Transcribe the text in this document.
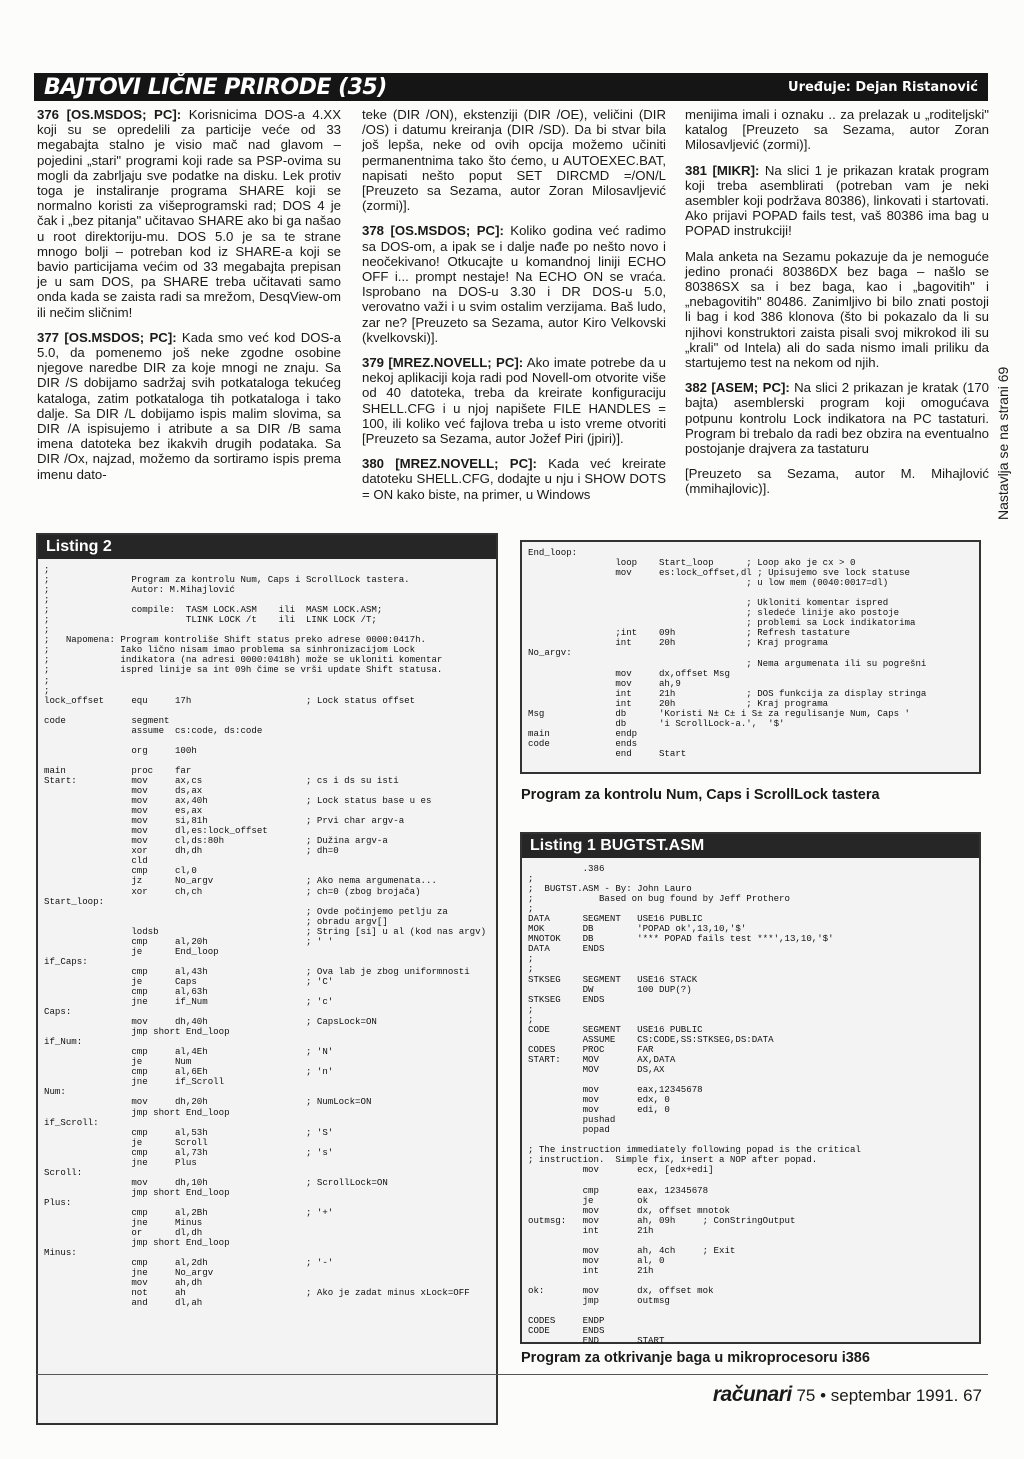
BAJTOVI LIČNE PRIRODE (35)	Uređuje: Dejan Ristanović

376 [OS.MSDOS; PC]: Korisnicima DOS-a 4.XX koji su se opredelili za particije veće od 33 megabajta stalno je visio mač nad glavom – pojedini „stari" programi koji rade sa PSP-ovima su mogli da zabrljaju sve podatke na disku. Lek protiv toga je instaliranje programa SHARE koji se normalno koristi za višeprogramski rad; DOS 4 je čak i „bez pitanja" učitavao SHARE ako bi ga našao u root direktoriju-mu. DOS 5.0 je sa te strane mnogo bolji – potreban kod iz SHARE-a koji se bavio particijama većim od 33 megabajta prepisan je u sam DOS, pa SHARE treba učitavati samo onda kada se zaista radi sa mrežom, DesqView-om ili nečim sličnim!

377 [OS.MSDOS; PC]: Kada smo već kod DOS-a 5.0, da pomenemo još neke zgodne osobine njegove naredbe DIR za koje mnogi ne znaju. Sa DIR /S dobijamo sadržaj svih potkataloga tekućeg kataloga, zatim potkataloga tih potkataloga i tako dalje. Sa DIR /L dobijamo ispis malim slovima, sa DIR /A ispisujemo i atribute a sa DIR /B sama imena datoteka bez ikakvih drugih podataka. Sa DIR /Ox, najzad, možemo da sortiramo ispis prema imenu dato-

teke (DIR /ON), ekstenziji (DIR /OE), veličini (DIR /OS) i datumu kreiranja (DIR /SD). Da bi stvar bila još lepša, neke od ovih opcija možemo učiniti permanentnima tako što ćemo, u AUTOEXEC.BAT, napisati nešto poput SET DIRCMD =/ON/L [Preuzeto sa Sezama, autor Zoran Milosavljević (zormi)].

378 [OS.MSDOS; PC]: Koliko godina već radimo sa DOS-om, a ipak se i dalje nađe po nešto novo i neočekivano! Otkucajte u komandnoj liniji ECHO OFF i... prompt nestaje! Na ECHO ON se vraća. Isprobano na DOS-u 3.30 i DR DOS-u 5.0, verovatno važi i u svim ostalim verzijama. Baš ludo, zar ne? [Preuzeto sa Sezama, autor Kiro Velkovski (kvelkovski)].

379 [MREZ.NOVELL; PC]: Ako imate potrebe da u nekoj aplikaciji koja radi pod Novell-om otvorite više od 40 datoteka, treba da kreirate konfiguraciju SHELL.CFG i u njoj napišete FILE HANDLES = 100, ili koliko već fajlova treba u isto vreme otvoriti [Preuzeto sa Sezama, autor Jožef Piri (jpiri)].

380 [MREZ.NOVELL; PC]: Kada već kreirate datoteku SHELL.CFG, dodajte u nju i SHOW DOTS = ON kako biste, na primer, u Windows

menijima imali i oznaku .. za prelazak u „roditeljski" katalog [Preuzeto sa Sezama, autor Zoran Milosavljević (zormi)].

381 [MIKR]: Na slici 1 je prikazan kratak program koji treba asemblirati (potreban vam je neki asembler koji podržava 80386), linkovati i startovati. Ako prijavi POPAD fails test, vaš 80386 ima bag u POPAD instrukciji!

Mala anketa na Sezamu pokazuje da je nemoguće jedino pronaći 80386DX bez baga – našlo se 80386SX sa i bez baga, kao i „bagovitih" i „nebagovitih" 80486. Zanimljivo bi bilo znati postoji li bag i kod 386 klonova (što bi pokazalo da li su njihovi konstruktori zaista pisali svoj mikrokod ili su „krali" od Intela) ali do sada nismo imali priliku da startujemo test na nekom od njih.

382 [ASEM; PC]: Na slici 2 prikazan je kratak (170 bajta) asemblerski program koji omogućava potpunu kontrolu Lock indikatora na PC tastaturi. Program bi trebalo da radi bez obzira na eventualno postojanje drajvera za tastaturu

[Preuzeto sa Sezama, autor M. Mihajlović (mmihajlovic)].	Nastavlja se na strani 69
Listing 2
;
;               Program za kontrolu Num, Caps i ScrollLock tastera.
;               Autor: M.Mihajlović
;
;               compile:  TASM LOCK.ASM    ili  MASM LOCK.ASM;
;                         TLINK LOCK /t    ili  LINK LOCK /T;
;
;   Napomena: Program kontroliše Shift status preko adrese 0000:0417h.
;             Iako lično nisam imao problema sa sinhronizacijom Lock
;             indikatora (na adresi 0000:0418h) može se ukloniti komentar
;             ispred linije sa int 09h čime se vrši update Shift statusa.
;
;
lock_offset     equ     17h                     ; Lock status offset

code            segment
assume  cs:code, ds:code

org     100h

main            proc    far
Start:          mov     ax,cs                   ; cs i ds su isti
mov     ds,ax
mov     ax,40h                  ; Lock status base u es
mov     es,ax
mov     si,81h                  ; Prvi char argv-a
mov     dl,es:lock_offset
mov     cl,ds:80h               ; Dužina argv-a
xor     dh,dh                   ; dh=0
cld
cmp     cl,0
jz      No_argv                 ; Ako nema argumenata...
xor     ch,ch                   ; ch=0 (zbog brojača)
Start_loop:
; Ovde počinjemo petlju za
; obradu argv[]
lodsb                           ; String [si] u al (kod nas argv)
cmp     al,20h                  ; ' '
je      End_loop
if_Caps:
cmp     al,43h                  ; Ova lab je zbog uniformnosti
je      Caps                    ; 'C'
cmp     al,63h
jne     if_Num                  ; 'c'
Caps:
mov     dh,40h                  ; CapsLock=ON
jmp short End_loop
if_Num:
cmp     al,4Eh                  ; 'N'
je      Num
cmp     al,6Eh                  ; 'n'
jne     if_Scroll
Num:
mov     dh,20h                  ; NumLock=ON
jmp short End_loop
if_Scroll:
cmp     al,53h                  ; 'S'
je      Scroll
cmp     al,73h                  ; 's'
jne     Plus
Scroll:
mov     dh,10h                  ; ScrollLock=ON
jmp short End_loop
Plus:
cmp     al,2Bh                  ; '+'
jne     Minus
or      dl,dh
jmp short End_loop
Minus:
cmp     al,2dh                  ; '-'
jne     No_argv
mov     ah,dh
not     ah                      ; Ako je zadat minus xLock=OFF
and     dl,ah
End_loop:
loop    Start_loop      ; Loop ako je cx > 0
mov     es:lock_offset,dl ; Upisujemo sve lock statuse
; u low mem (0040:0017=dl)

; Ukloniti komentar ispred
; sledeće linije ako postoje
; problemi sa Lock indikatorima
;int    09h             ; Refresh tastature
int     20h             ; Kraj programa
No_argv:
; Nema argumenata ili su pogrešni
mov     dx,offset Msg
mov     ah,9
int     21h             ; DOS funkcija za display stringa
int     20h             ; Kraj programa
Msg             db      'Koristi N± C± i S± za regulisanje Num, Caps '
db      'i ScrollLock-a.',  '$'
main            endp
code            ends
end     Start
Program za kontrolu Num, Caps i ScrollLock tastera
Listing 1 BUGTST.ASM
.386
;
;  BUGTST.ASM - By: John Lauro
;            Based on bug found by Jeff Prothero
;
DATA      SEGMENT   USE16 PUBLIC
MOK       DB        'POPAD ok',13,10,'$'
MNOTOK    DB        '*** POPAD fails test ***',13,10,'$'
DATA      ENDS
;
;
STKSEG    SEGMENT   USE16 STACK
DW        100 DUP(?)
STKSEG    ENDS
;
;
CODE      SEGMENT   USE16 PUBLIC
ASSUME    CS:CODE,SS:STKSEG,DS:DATA
CODES     PROC      FAR
START:    MOV       AX,DATA
MOV       DS,AX

mov       eax,12345678
mov       edx, 0
mov       edi, 0
pushad
popad

; The instruction immediately following popad is the critical
; instruction.  Simple fix, insert a NOP after popad.
mov       ecx, [edx+edi]

cmp       eax, 12345678
je        ok
mov       dx, offset mnotok
outmsg:   mov       ah, 09h     ; ConStringOutput
int       21h

mov       ah, 4ch     ; Exit
mov       al, 0
int       21h

ok:       mov       dx, offset mok
jmp       outmsg

CODES     ENDP
CODE      ENDS
END       START
Program za otkrivanje baga u mikroprocesoru i386
računari 75 • septembar 1991. 67
